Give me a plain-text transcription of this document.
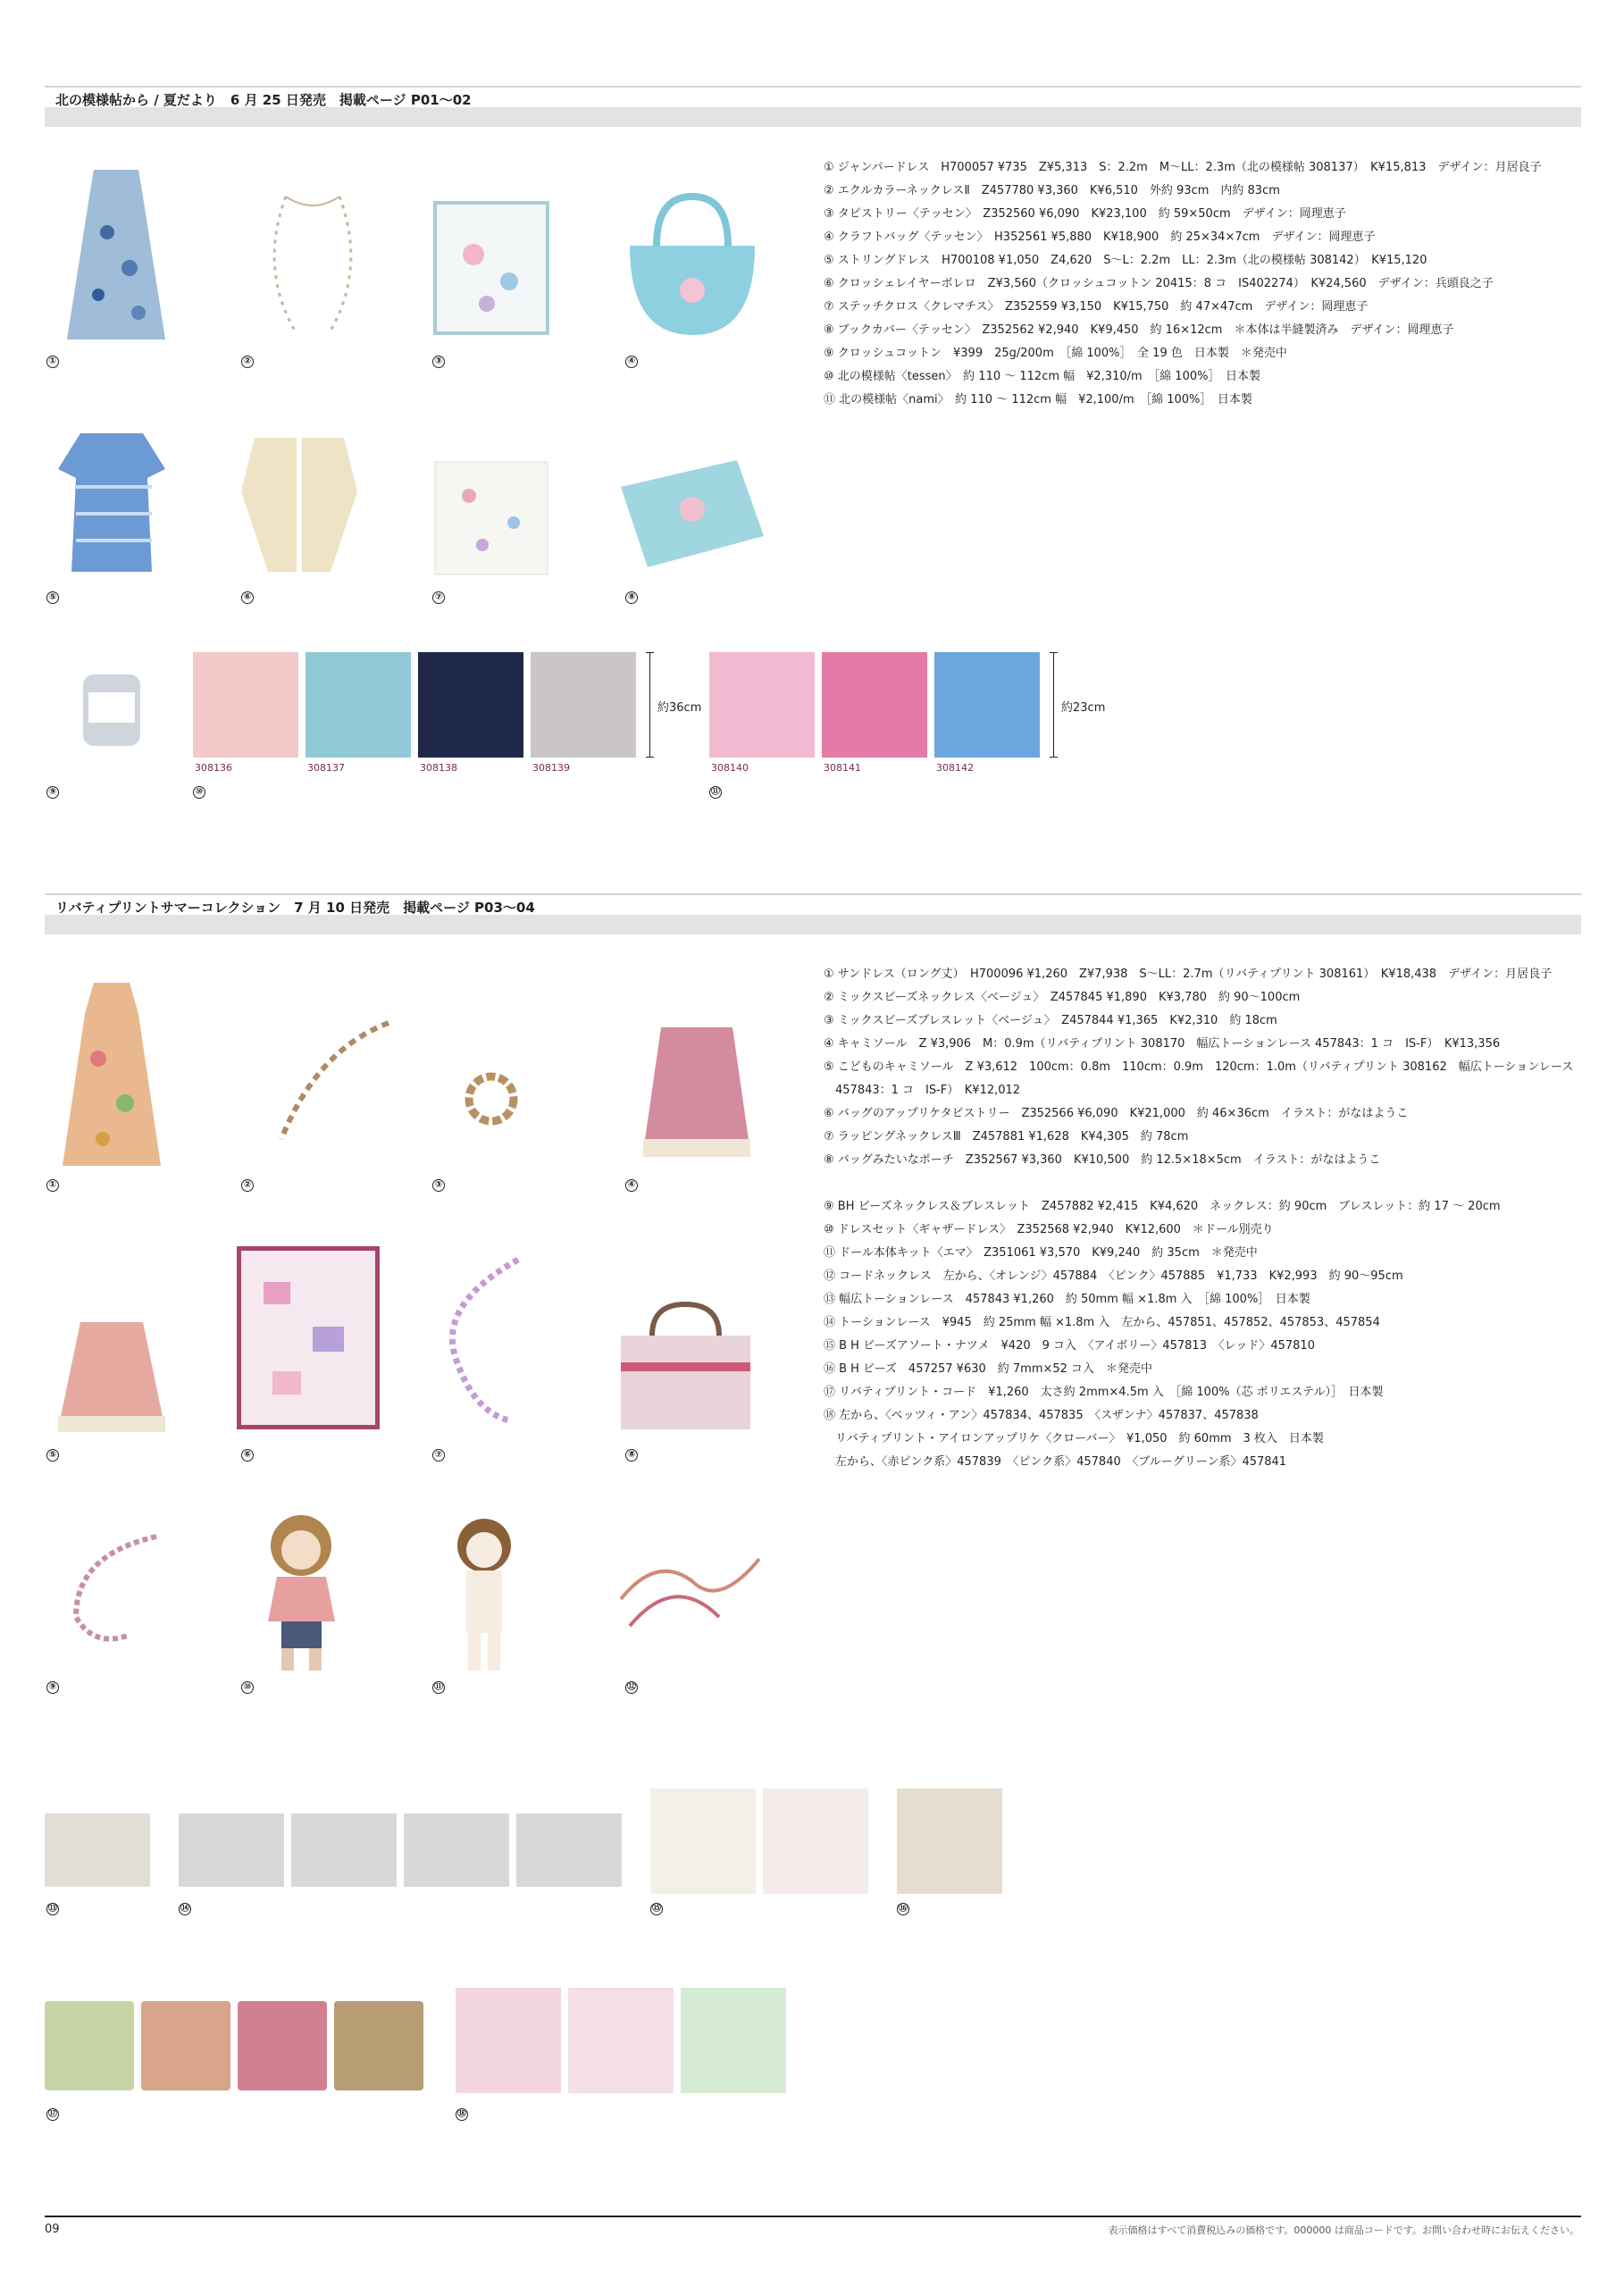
北の模様帖から / 夏だより　6 月 25 日発売　掲載ページ P01〜02
①	②	③	④
⑤	⑥	⑦	⑧
⑨
308136	308137	308138	308139
約36cm
⑩
308140	308141	308142
約23cm
⑪
① ジャンパードレス　H700057 ¥735　Z¥5,313　S：2.2m　M〜LL：2.3m（北の模様帖 308137）　K¥15,813　デザイン：月居良子
② エクルカラーネックレスⅡ　Z457780 ¥3,360　K¥6,510　外約 93cm　内約 83cm
③ タピストリー〈テッセン〉　Z352560 ¥6,090　K¥23,100　約 59×50cm　デザイン：岡理恵子
④ クラフトバッグ〈テッセン〉　H352561 ¥5,880　K¥18,900　約 25×34×7cm　デザイン：岡理恵子
⑤ ストリングドレス　H700108 ¥1,050　Z4,620　S〜L：2.2m　LL：2.3m（北の模様帖 308142）　K¥15,120
⑥ クロッシェレイヤーボレロ　Z¥3,560（クロッシュコットン 20415：8 コ　IS402274）　K¥24,560　デザイン：兵頭良之子
⑦ ステッチクロス〈クレマチス〉　Z352559 ¥3,150　K¥15,750　約 47×47cm　デザイン：岡理恵子
⑧ ブックカバー〈テッセン〉　Z352562 ¥2,940　K¥9,450　約 16×12cm　＊本体は半縫製済み　デザイン：岡理恵子
⑨ クロッシュコットン　¥399　25g/200m　［綿 100%］　全 19 色　日本製　＊発売中
⑩ 北の模様帖〈tessen〉　約 110 〜 112cm 幅　¥2,310/m　［綿 100%］　日本製
⑪ 北の模様帖〈nami〉　約 110 〜 112cm 幅　¥2,100/m　［綿 100%］　日本製
リバティプリントサマーコレクション　7 月 10 日発売　掲載ページ P03〜04
①	②	③	④
⑤	⑥	⑦	⑧
⑨	⑩	⑪	⑫
⑬	⑭	⑮	⑯
⑰	⑱
① サンドレス（ロング丈）　H700096 ¥1,260　Z¥7,938　S〜LL：2.7m（リバティプリント 308161）　K¥18,438　デザイン：月居良子
② ミックスビーズネックレス〈ベージュ〉　Z457845 ¥1,890　K¥3,780　約 90〜100cm
③ ミックスビーズブレスレット〈ベージュ〉　Z457844 ¥1,365　K¥2,310　約 18cm
④ キャミソール　Z ¥3,906　M：0.9m（リバティプリント 308170　幅広トーションレース 457843：1 コ　IS-F）　K¥13,356
⑤ こどものキャミソール　Z ¥3,612　100cm：0.8m　110cm：0.9m　120cm：1.0m（リバティプリント 308162　幅広トーションレース
　457843：1 コ　IS-F）　K¥12,012
⑥ バッグのアップリケタピストリー　Z352566 ¥6,090　K¥21,000　約 46×36cm　イラスト：がなはようこ
⑦ ラッピングネックレスⅢ　Z457881 ¥1,628　K¥4,305　約 78cm
⑧ バッグみたいなポーチ　Z352567 ¥3,360　K¥10,500　約 12.5×18×5cm　イラスト：がなはようこ
⑨ BH ビーズネックレス＆ブレスレット　Z457882 ¥2,415　K¥4,620　ネックレス：約 90cm　ブレスレット：約 17 〜 20cm
⑩ ドレスセット〈ギャザードレス〉　Z352568 ¥2,940　K¥12,600　＊ドール別売り
⑪ ドール本体キット〈エマ〉　Z351061 ¥3,570　K¥9,240　約 35cm　＊発売中
⑫ コードネックレス　左から、〈オレンジ〉457884　〈ピンク〉457885　¥1,733　K¥2,993　約 90〜95cm
⑬ 幅広トーションレース　457843 ¥1,260　約 50mm 幅 ×1.8m 入　［綿 100%］　日本製
⑭ トーションレース　¥945　約 25mm 幅 ×1.8m 入　左から、457851、457852、457853、457854
⑮ B H ビーズアソート・ナツメ　¥420　9 コ入　〈アイボリー〉457813　〈レッド〉457810
⑯ B H ビーズ　457257 ¥630　約 7mm×52 コ入　＊発売中
⑰ リバティプリント・コード　¥1,260　太さ約 2mm×4.5m 入　［綿 100%（芯 ポリエステル）］　日本製
⑱ 左から、〈ペッツィ・アン〉457834、457835　〈スザンナ〉457837、457838
　リバティプリント・アイロンアップリケ〈クローバー〉　¥1,050　約 60mm　3 枚入　日本製
　左から、〈赤ピンク系〉457839　〈ピンク系〉457840　〈ブルーグリーン系〉457841
09	表示価格はすべて消費税込みの価格です。000000 は商品コードです。お問い合わせ時にお伝えください。
